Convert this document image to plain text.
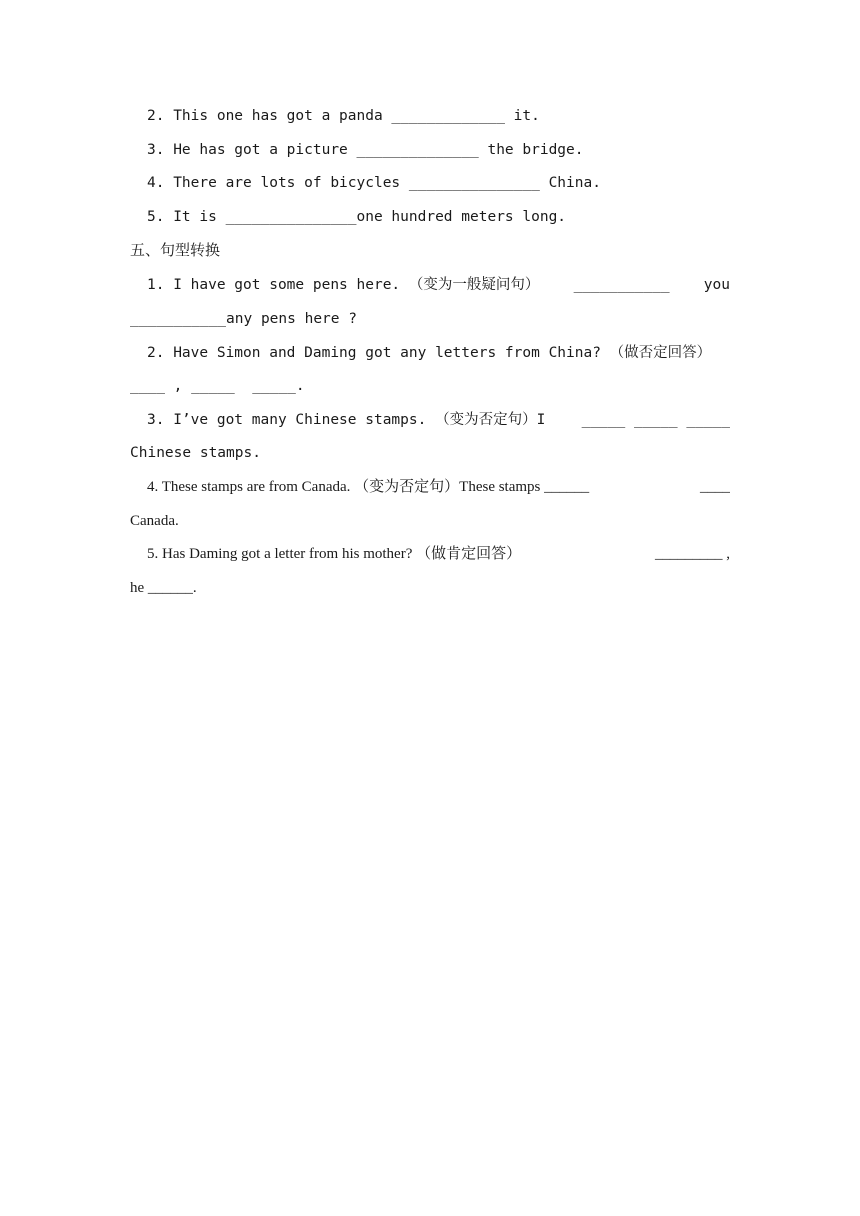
2. This one has got a panda _____________ it.
3. He has got a picture ______________ the bridge.
4. There are lots of bicycles _______________ China.
5. It is _______________one hundred meters long.
五、句型转换
1. I have got some pens here. （变为一般疑问句） ___________ you
___________any pens here ?
2. Have Simon and Daming got any letters from China? （做否定回答）
____ , _____  _____.
3. I’ve got many Chinese stamps. （变为否定句）I	_____ _____ _____
Chinese stamps.
4. These stamps are from Canada. （变为否定句）These stamps ______	____
Canada.
5. Has Daming got a letter from his mother? （做肯定回答）	_________ ,
he ______.
